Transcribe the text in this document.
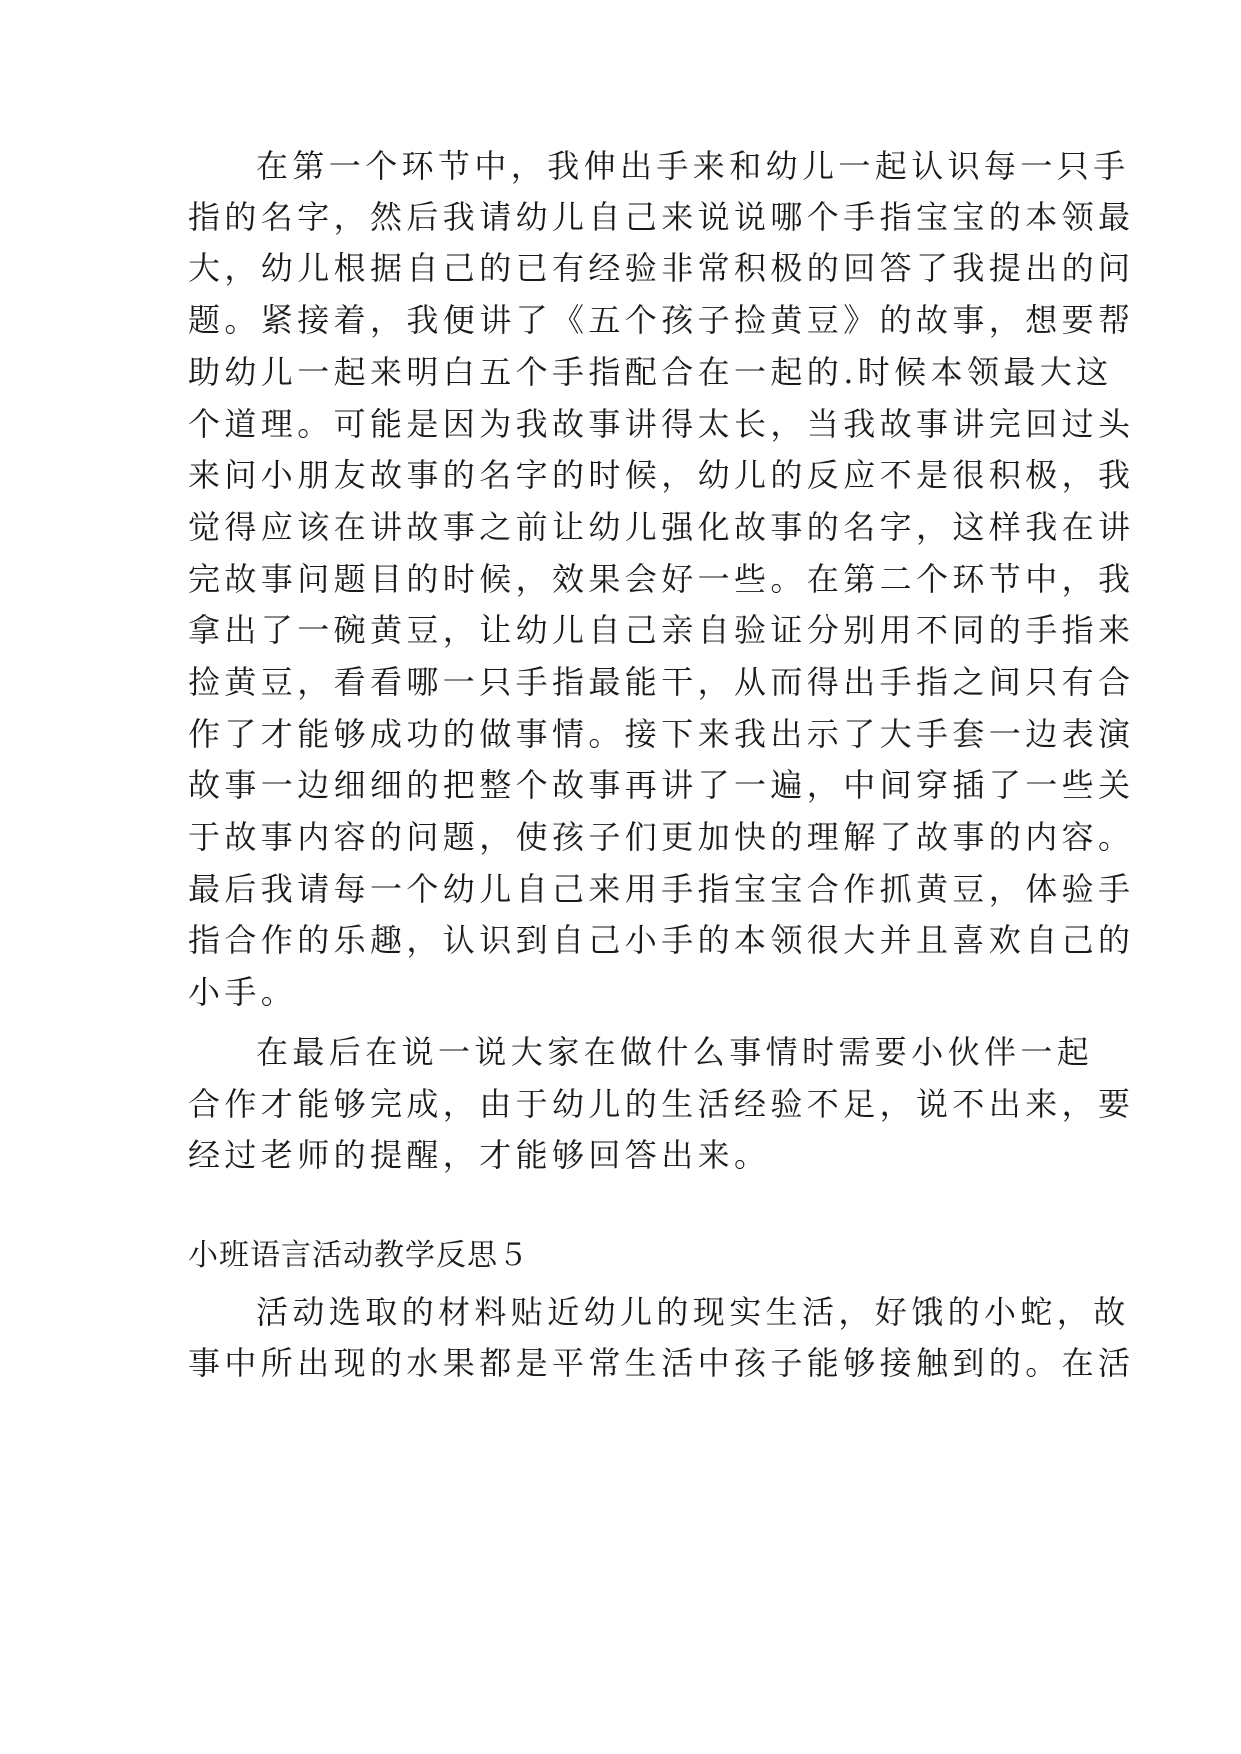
在第一个环节中，我伸出手来和幼儿一起认识每一只手
指的名字，然后我请幼儿自己来说说哪个手指宝宝的本领最
大，幼儿根据自己的已有经验非常积极的回答了我提出的问
题。紧接着，我便讲了《五个孩子捡黄豆》的故事，想要帮
助幼儿一起来明白五个手指配合在一起的.时候本领最大这
个道理。可能是因为我故事讲得太长，当我故事讲完回过头
来问小朋友故事的名字的时候，幼儿的反应不是很积极，我
觉得应该在讲故事之前让幼儿强化故事的名字，这样我在讲
完故事问题目的时候，效果会好一些。在第二个环节中，我
拿出了一碗黄豆，让幼儿自己亲自验证分别用不同的手指来
捡黄豆，看看哪一只手指最能干，从而得出手指之间只有合
作了才能够成功的做事情。接下来我出示了大手套一边表演
故事一边细细的把整个故事再讲了一遍，中间穿插了一些关
于故事内容的问题，使孩子们更加快的理解了故事的内容。
最后我请每一个幼儿自己来用手指宝宝合作抓黄豆，体验手
指合作的乐趣，认识到自己小手的本领很大并且喜欢自己的
小手。
在最后在说一说大家在做什么事情时需要小伙伴一起
合作才能够完成，由于幼儿的生活经验不足，说不出来，要
经过老师的提醒，才能够回答出来。
小班语言活动教学反思５
活动选取的材料贴近幼儿的现实生活，好饿的小蛇，故
事中所出现的水果都是平常生活中孩子能够接触到的。在活
